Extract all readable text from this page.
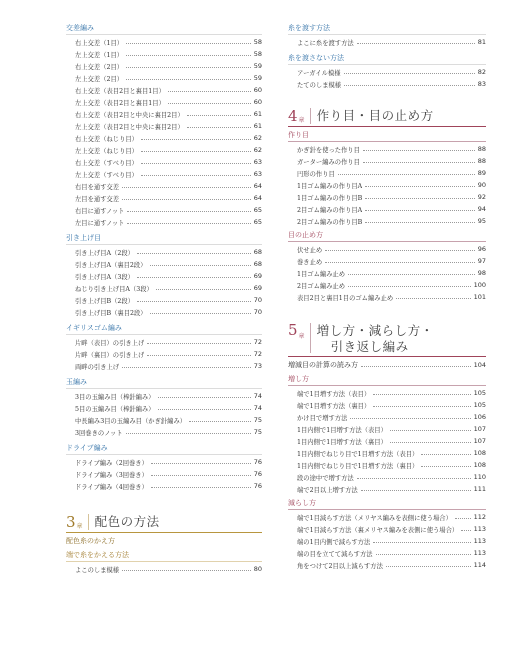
交差編み
右上交差（1目）	58
左上交差（1目）	58
右上交差（2目）	59
左上交差（2目）	59
右上交差（表目2目と裏目1目）	60
左上交差（表目2目と裏目1目）	60
右上交差（表目2目と中央に裏目2目）	61
左上交差（表目2目と中央に裏目2目）	61
右上交差（ねじり目）	62
左上交差（ねじり目）	62
右上交差（すべり目）	63
左上交差（すべり目）	63
右目を通す交差	64
左目を通す交差	64
右目に通すノット	65
左目に通すノット	65
引き上げ目
引き上げ目A（2段）	68
引き上げ目A（裏目2段）	68
引き上げ目A（3段）	69
ねじり引き上げ目A（3段）	69
引き上げ目B（2段）	70
引き上げ目B（裏目2段）	70
イギリスゴム編み
片畔（表目）の引き上げ	72
片畔（裏目）の引き上げ	72
両畔の引き上げ	73
玉編み
3目の玉編み目（棒針編み）	74
5目の玉編み目（棒針編み）	74
中長編み3目の玉編み目（かぎ針編み）	75
3回巻きのノット	75
ドライブ編み
ドライブ編み（2回巻き）	76
ドライブ編み（3回巻き）	76
ドライブ編み（4回巻き）	76
3 章 配色の方法
配色糸のかえ方
端で糸をかえる方法
よこのしま模様	80
糸を渡す方法
よこに糸を渡す方法	81
糸を渡さない方法
アーガイル模様	82
たてのしま模様	83
4 章 作り目・目の止め方
作り目
かぎ針を使った作り目	88
ガーター編みの作り目	88
円形の作り目	89
1目ゴム編みの作り目A	90
1目ゴム編みの作り目B	92
2目ゴム編みの作り目A	94
2目ゴム編みの作り目B	95
目の止め方
伏せ止め	96
巻き止め	97
1目ゴム編み止め	98
2目ゴム編み止め	100
表目2目と裏目1目のゴム編み止め	101
5 章 増し方・減らし方・
引き返し編み
増減目の計算の読み方	104
増し方
端で1目増す方法（表目）	105
端で1目増す方法（裏目）	105
かけ目で増す方法	106
1目内側で1目増す方法（表目）	107
1目内側で1目増す方法（裏目）	107
1目内側でねじり目で1目増す方法（表目）	108
1目内側でねじり目で1目増す方法（裏目）	108
段の途中で増す方法	110
端で2目以上増す方法	111
減らし方
端で1目減らす方法（メリヤス編みを表側に使う場合）	112
端で1目減らす方法（裏メリヤス編みを表側に使う場合） 113
端の1目内側で減らす方法	113
端の目を立てて減らす方法	113
角をつけて2目以上減らす方法	114
